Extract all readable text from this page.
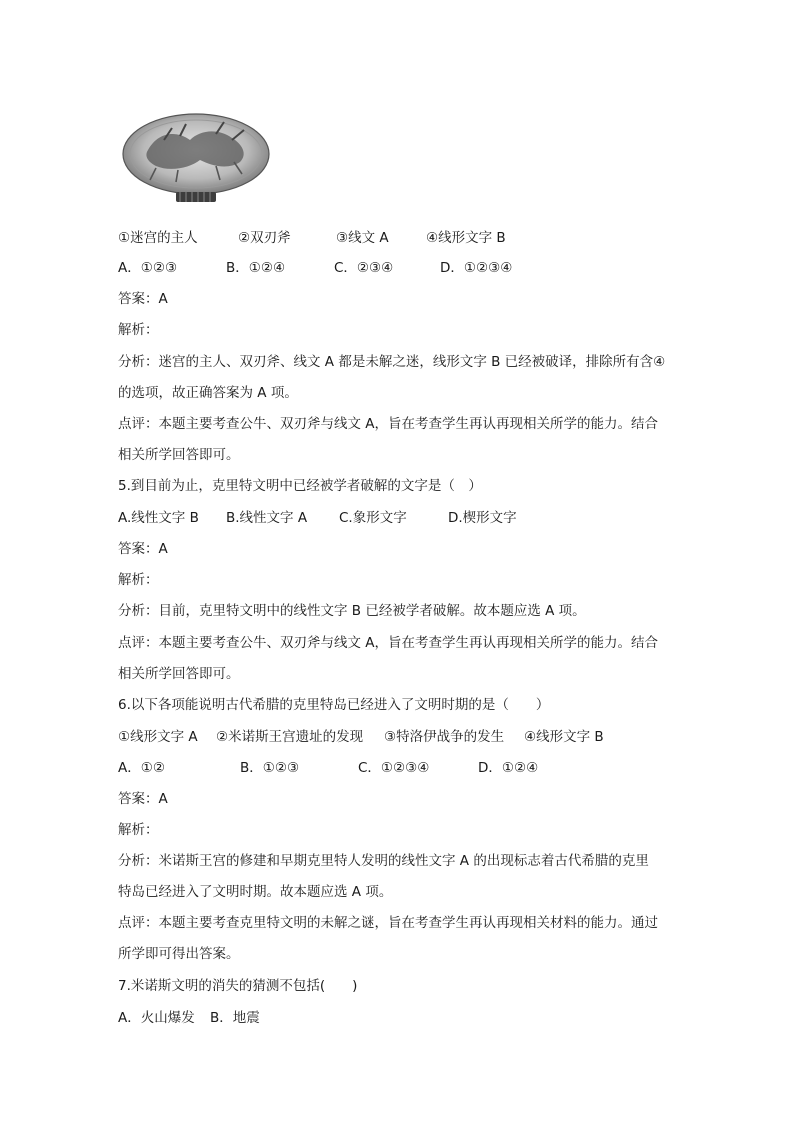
①迷宫的主人	②双刃斧	③线文 A	④线形文字 B
A．①②③	B．①②④	C．②③④	D．①②③④
答案：A
解析：
分析：迷宫的主人、双刃斧、线文 A 都是未解之迷，线形文字 B 已经被破译，排除所有含④
的选项，故正确答案为 A 项。
点评：本题主要考查公牛、双刃斧与线文 A，旨在考查学生再认再现相关所学的能力。结合
相关所学回答即可。
5.到目前为止，克里特文明中已经被学者破解的文字是（　）
A.线性文字 B B.线性文字 A C.象形文字	D.楔形文字
答案：A
解析：
分析：目前，克里特文明中的线性文字 B 已经被学者破解。故本题应选 A 项。
点评：本题主要考查公牛、双刃斧与线文 A，旨在考查学生再认再现相关所学的能力。结合
相关所学回答即可。
6.以下各项能说明古代希腊的克里特岛已经进入了文明时期的是（　　）
①线形文字 A ②米诺斯王宫遗址的发现 ③特洛伊战争的发生 ④线形文字 B
A．①②	B．①②③	C．①②③④	D．①②④
答案：A
解析：
分析：米诺斯王宫的修建和早期克里特人发明的线性文字 A 的出现标志着古代希腊的克里
特岛已经进入了文明时期。故本题应选 A 项。
点评：本题主要考查克里特文明的未解之谜，旨在考查学生再认再现相关材料的能力。通过
所学即可得出答案。
7.米诺斯文明的消失的猜测不包括(　　)
A．火山爆发 B．地震
